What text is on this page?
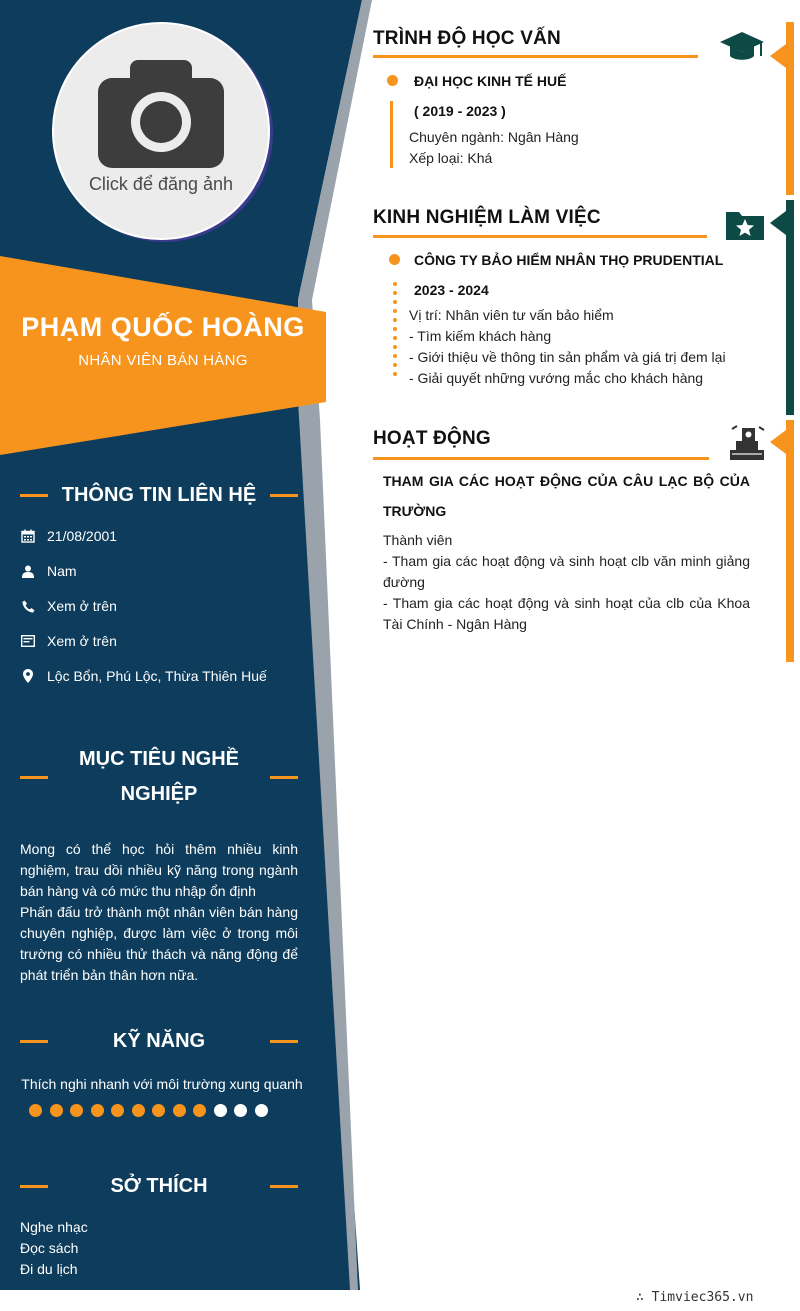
Click để đăng ảnh
PHẠM QUỐC HOÀNG
NHÂN VIÊN BÁN HÀNG
THÔNG TIN LIÊN HỆ
21/08/2001
Nam
Xem ở trên
Xem ở trên
Lộc Bổn, Phú Lộc, Thừa Thiên Huế
MỤC TIÊU NGHỀ
NGHIỆP

Mong có thể học hỏi thêm nhiều kinh nghiệm, trau dồi nhiều kỹ năng trong ngành bán hàng và có mức thu nhập ổn định

Phấn đấu trở thành một nhân viên bán hàng chuyên nghiệp, được làm việc ở trong môi trường có nhiều thử thách và năng động để phát triển bản thân hơn nữa.

KỸ NĂNG
Thích nghi nhanh với môi trường xung quanh
SỞ THÍCH
Nghe nhạc
Đọc sách
Đi du lịch
TRÌNH ĐỘ HỌC VẤN
ĐẠI HỌC KINH TẾ HUẾ
( 2019 - 2023 )
Chuyên ngành: Ngân Hàng
Xếp loại: Khá
KINH NGHIỆM LÀM VIỆC
CÔNG TY BẢO HIỂM NHÂN THỌ PRUDENTIAL
2023 - 2024
Vị trí: Nhân viên tư vấn bảo hiểm
- Tìm kiếm khách hàng
- Giới thiệu về thông tin sản phẩm và giá trị đem lại
- Giải quyết những vướng mắc cho khách hàng
HOẠT ĐỘNG
THAM GIA CÁC HOẠT ĐỘNG CỦA CÂU LẠC BỘ CỦA TRƯỜNG

Thành viên

- Tham gia các hoạt động và sinh hoạt clb văn minh giảng đường

- Tham gia các hoạt động và sinh hoạt của clb của Khoa Tài Chính - Ngân Hàng

∴ Timviec365.vn
